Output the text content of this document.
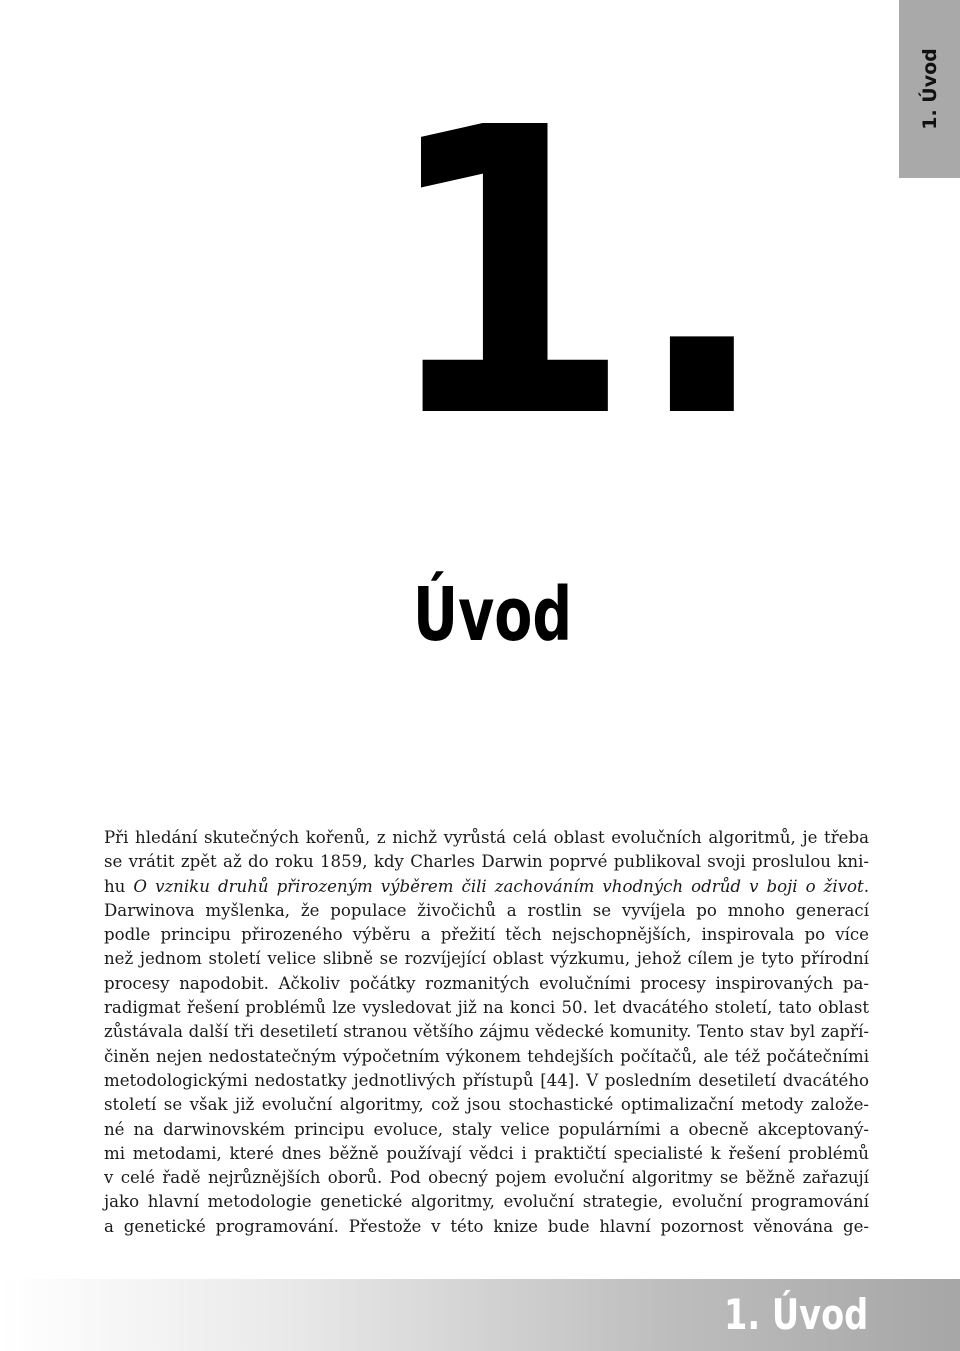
1. Úvod
1.
Úvod
Při hledání skutečných kořenů, z nichž vyrůstá celá oblast evolučních algoritmů, je třeba
se vrátit zpět až do roku 1859, kdy Charles Darwin poprvé publikoval svoji proslulou kni-
hu O vzniku druhů přirozeným výběrem čili zachováním vhodných odrůd v boji o život.
Darwinova myšlenka, že populace živočichů a rostlin se vyvíjela po mnoho generací
podle principu přirozeného výběru a přežití těch nejschopnějších, inspirovala po více
než jednom století velice slibně se rozvíjející oblast výzkumu, jehož cílem je tyto přírodní
procesy napodobit. Ačkoliv počátky rozmanitých evolučními procesy inspirovaných pa-
radigmat řešení problémů lze vysledovat již na konci 50. let dvacátého století, tato oblast
zůstávala další tři desetiletí stranou většího zájmu vědecké komunity. Tento stav byl zapří-
činěn nejen nedostatečným výpočetním výkonem tehdejších počítačů, ale též počátečními
metodologickými nedostatky jednotlivých přístupů [44]. V posledním desetiletí dvacátého
století se však již evoluční algoritmy, což jsou stochastické optimalizační metody založe-
né na darwinovském principu evoluce, staly velice populárními a obecně akceptovaný-
mi metodami, které dnes běžně používají vědci i praktičtí specialisté k řešení problémů
v celé řadě nejrůznějších oborů. Pod obecný pojem evoluční algoritmy se běžně zařazují
jako hlavní metodologie genetické algoritmy, evoluční strategie, evoluční programování
a genetické programování. Přestože v této knize bude hlavní pozornost věnována ge-
1. Úvod
